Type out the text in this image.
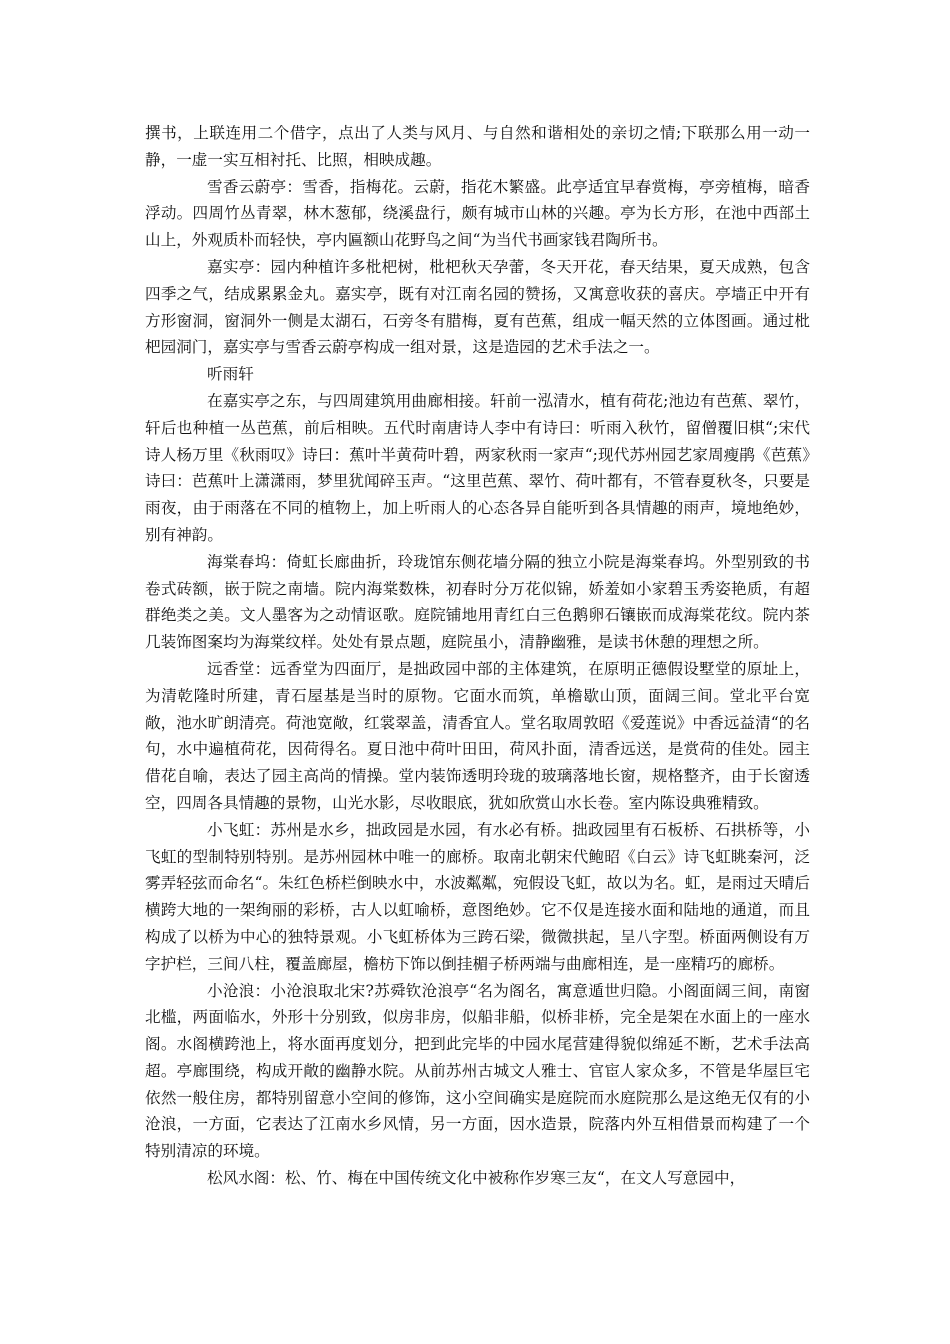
撰书，上联连用二个借字，点出了人类与风月、与自然和谐相处的亲切之情;下联那么用一动一静，一虚一实互相衬托、比照，相映成趣。

雪香云蔚亭：雪香，指梅花。云蔚，指花木繁盛。此亭适宜早春赏梅，亭旁植梅，暗香浮动。四周竹丛青翠，林木葱郁，绕溪盘行，颇有城市山林的兴趣。亭为长方形，在池中西部土山上，外观质朴而轻快，亭内匾额山花野鸟之间“为当代书画家钱君陶所书。

嘉实亭：园内种植许多枇杷树，枇杷秋天孕蕾，冬天开花，春天结果，夏天成熟，包含四季之气，结成累累金丸。嘉实亭，既有对江南名园的赞扬，又寓意收获的喜庆。亭墙正中开有方形窗洞，窗洞外一侧是太湖石，石旁冬有腊梅，夏有芭蕉，组成一幅天然的立体图画。通过枇杷园洞门，嘉实亭与雪香云蔚亭构成一组对景，这是造园的艺术手法之一。

听雨轩

在嘉实亭之东，与四周建筑用曲廊相接。轩前一泓清水，植有荷花;池边有芭蕉、翠竹，轩后也种植一丛芭蕉，前后相映。五代时南唐诗人李中有诗曰：听雨入秋竹，留僧覆旧棋“;宋代诗人杨万里《秋雨叹》诗曰：蕉叶半黄荷叶碧，两家秋雨一家声“;现代苏州园艺家周瘦鹃《芭蕉》诗曰：芭蕉叶上潇潇雨，梦里犹闻碎玉声。“这里芭蕉、翠竹、荷叶都有，不管春夏秋冬，只要是雨夜，由于雨落在不同的植物上，加上听雨人的心态各异自能听到各具情趣的雨声，境地绝妙，别有神韵。

海棠春坞：倚虹长廊曲折，玲珑馆东侧花墙分隔的独立小院是海棠春坞。外型别致的书卷式砖额，嵌于院之南墙。院内海棠数株，初春时分万花似锦，娇羞如小家碧玉秀姿艳质，有超群绝类之美。文人墨客为之动情讴歌。庭院铺地用青红白三色鹅卵石镶嵌而成海棠花纹。院内茶几装饰图案均为海棠纹样。处处有景点题，庭院虽小，清静幽雅，是读书休憩的理想之所。

远香堂：远香堂为四面厅，是拙政园中部的主体建筑，在原明正德假设墅堂的原址上，为清乾隆时所建，青石屋基是当时的原物。它面水而筑，单檐歇山顶，面阔三间。堂北平台宽敞，池水旷朗清亮。荷池宽敞，红裳翠盖，清香宜人。堂名取周敦昭《爱莲说》中香远益清“的名句，水中遍植荷花，因荷得名。夏日池中荷叶田田，荷风扑面，清香远送，是赏荷的佳处。园主借花自喻，表达了园主高尚的情操。堂内装饰透明玲珑的玻璃落地长窗，规格整齐，由于长窗透空，四周各具情趣的景物，山光水影，尽收眼底，犹如欣赏山水长卷。室内陈设典雅精致。

小飞虹：苏州是水乡，拙政园是水园，有水必有桥。拙政园里有石板桥、石拱桥等，小飞虹的型制特别特别。是苏州园林中唯一的廊桥。取南北朝宋代鲍昭《白云》诗飞虹眺秦河，泛雾弄轻弦而命名“。朱红色桥栏倒映水中，水波粼粼，宛假设飞虹，故以为名。虹，是雨过天晴后横跨大地的一架绚丽的彩桥，古人以虹喻桥，意图绝妙。它不仅是连接水面和陆地的通道，而且构成了以桥为中心的独特景观。小飞虹桥体为三跨石梁，微微拱起，呈八字型。桥面两侧设有万字护栏，三间八柱，覆盖廊屋，檐枋下饰以倒挂楣子桥两端与曲廊相连，是一座精巧的廊桥。

小沧浪：小沧浪取北宋?苏舜钦沧浪亭“名为阁名，寓意遁世归隐。小阁面阔三间，南窗北槛，两面临水，外形十分别致，似房非房，似船非船，似桥非桥，完全是架在水面上的一座水阁。水阁横跨池上，将水面再度划分，把到此完毕的中园水尾营建得貌似绵延不断，艺术手法高超。亭廊围绕，构成开敞的幽静水院。从前苏州古城文人雅士、官宦人家众多，不管是华屋巨宅依然一般住房，都特别留意小空间的修饰，这小空间确实是庭院而水庭院那么是这绝无仅有的小沧浪，一方面，它表达了江南水乡风情，另一方面，因水造景，院落内外互相借景而构建了一个特别清凉的环境。

松风水阁：松、竹、梅在中国传统文化中被称作岁寒三友“，在文人写意园中，
